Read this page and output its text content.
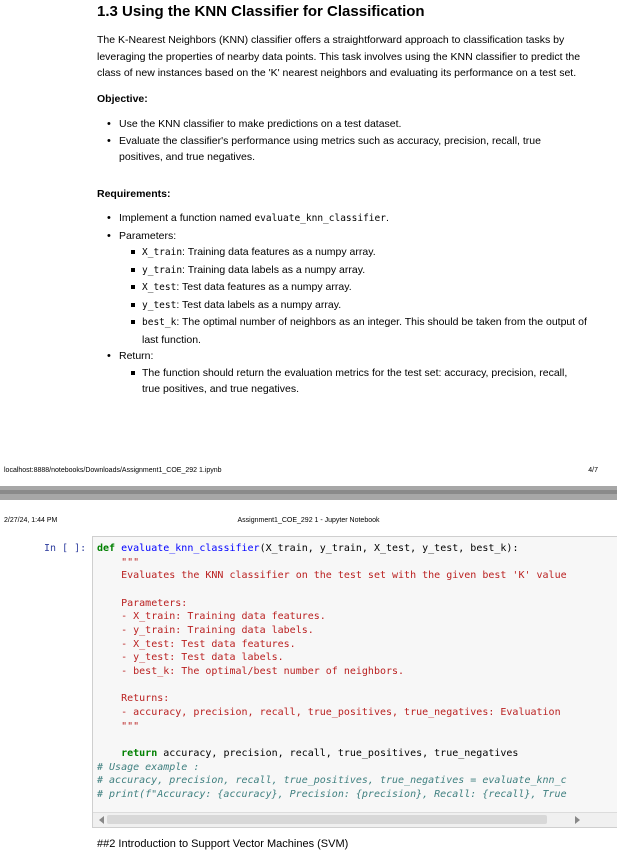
1.3 Using the KNN Classifier for Classification

The K-Nearest Neighbors (KNN) classifier offers a straightforward approach to classification tasks by leveraging the properties of nearby data points. This task involves using the KNN classifier to predict the class of new instances based on the 'K' nearest neighbors and evaluating its performance on a test set.

Objective:

• Use the KNN classifier to make predictions on a test dataset.
• Evaluate the classifier's performance using metrics such as accuracy, precision, recall, true positives, and true negatives.

Requirements:

• Implement a function named evaluate_knn_classifier.
• Parameters:
X_train: Training data features as a numpy array.
y_train: Training data labels as a numpy array.
X_test: Test data features as a numpy array.
y_test: Test data labels as a numpy array.
best_k: The optimal number of neighbors as an integer. This should be taken from the output of last function.
• Return:
The function should return the evaluation metrics for the test set: accuracy, precision, recall, true positives, and true negatives.
localhost:8888/notebooks/Downloads/Assignment1_COE_292 1.ipynb	4/7
Assignment1_COE_292 1 - Jupyter Notebook
2/27/24, 1:44 PM
In [ ]: def evaluate_knn_classifier(X_train, y_train, X_test, y_test, best_k):
"""
Evaluates the KNN classifier on the test set with the given best 'K' value

Parameters:
- X_train: Training data features.
- y_train: Training data labels.
- X_test: Test data features.
- y_test: Test data labels.
- best_k: The optimal/best number of neighbors.

Returns:
- accuracy, precision, recall, true_positives, true_negatives: Evaluation
"""

return accuracy, precision, recall, true_positives, true_negatives
# Usage example :
# accuracy, precision, recall, true_positives, true_negatives = evaluate_knn_c
# print(f"Accuracy: {accuracy}, Precision: {precision}, Recall: {recall}, True
##2 Introduction to Support Vector Machines (SVM)
